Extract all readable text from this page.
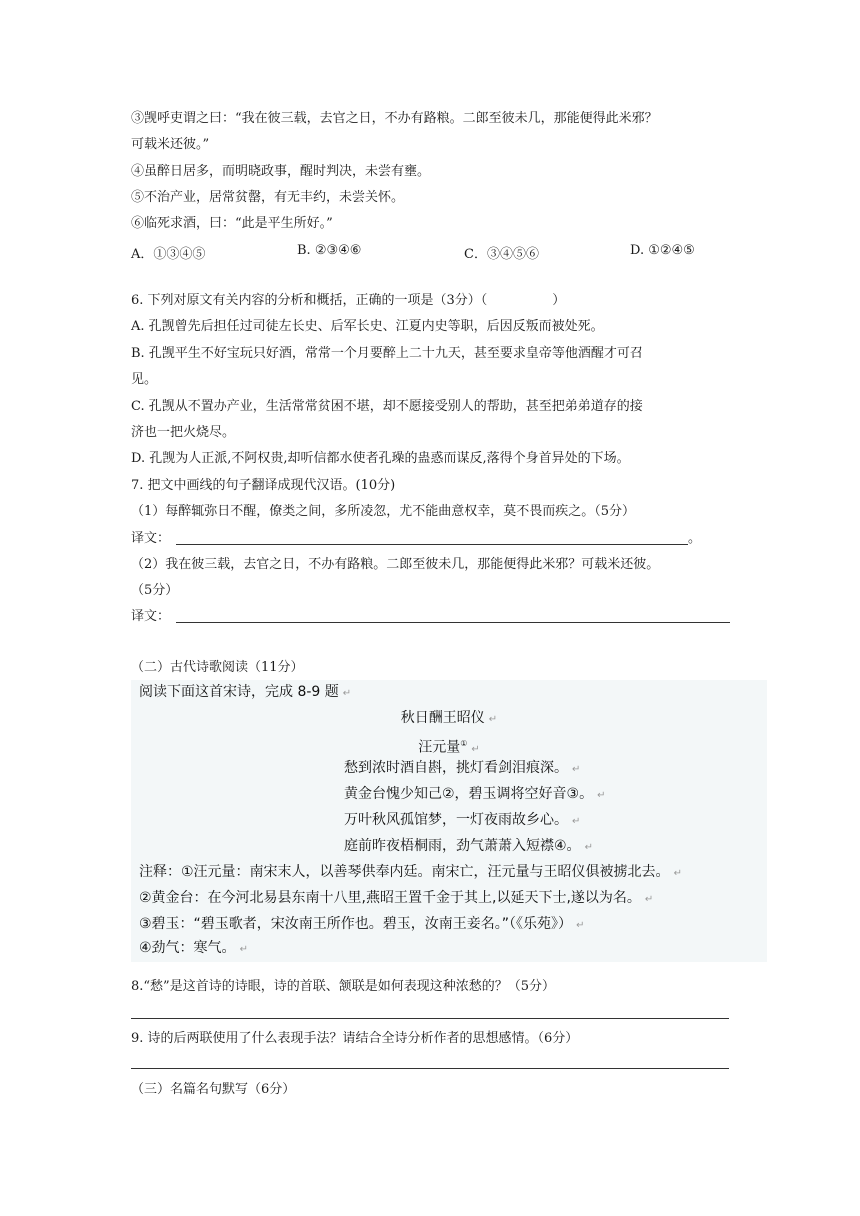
③觊呼吏谓之曰：“我在彼三载，去官之日，不办有路粮。二郎至彼未几，那能便得此米邪？
可载米还彼。”
④虽醉日居多，而明晓政事，醒时判决，未尝有壅。
⑤不治产业，居常贫罄，有无丰约，未尝关怀。
⑥临死求酒，曰：“此是平生所好。”
A．①③④⑤	B. ②③④⑥	C．③④⑤⑥	D. ①②④⑤
6. 下列对原文有关内容的分析和概括，正确的一项是（3分）（　　　　　）
A. 孔觊曾先后担任过司徒左长史、后军长史、江夏内史等职，后因反叛而被处死。
B. 孔觊平生不好宝玩只好酒，常常一个月要醉上二十九天，甚至要求皇帝等他酒醒才可召
见。
C. 孔觊从不置办产业，生活常常贫困不堪，却不愿接受别人的帮助，甚至把弟弟道存的接
济也一把火烧尽。
D. 孔觊为人正派,不阿权贵,却听信都水使者孔璪的蛊惑而谋反,落得个身首异处的下场。
7. 把文中画线的句子翻译成现代汉语。(10分)
（1）每醉辄弥日不醒，僚类之间，多所凌忽，尤不能曲意权幸，莫不畏而疾之。（5分）
译文：	。
（2）我在彼三载，去官之日，不办有路粮。二郎至彼未几，那能便得此米邪？可载米还彼。
（5分）
译文：
（二）古代诗歌阅读（11分）
阅读下面这首宋诗，完成 8-9 题 ↵
秋日酬王昭仪 ↵
汪元量①↵
愁到浓时酒自斟，挑灯看剑泪痕深。 ↵
黄金台愧少知己②，碧玉调将空好音③。 ↵
万叶秋风孤馆梦，一灯夜雨故乡心。 ↵
庭前昨夜梧桐雨，劲气萧萧入短襟④。 ↵
注释：①汪元量：南宋末人，以善琴供奉内廷。南宋亡，汪元量与王昭仪俱被掳北去。 ↵
②黄金台：在今河北易县东南十八里,燕昭王置千金于其上,以延天下士,遂以为名。 ↵
③碧玉：“碧玉歌者，宋汝南王所作也。碧玉，汝南王妾名。”（《乐苑》） ↵
④劲气：寒气。 ↵
8.“愁”是这首诗的诗眼，诗的首联、颔联是如何表现这种浓愁的？（5分）
9. 诗的后两联使用了什么表现手法？请结合全诗分析作者的思想感情。（6分）
（三）名篇名句默写（6分）
